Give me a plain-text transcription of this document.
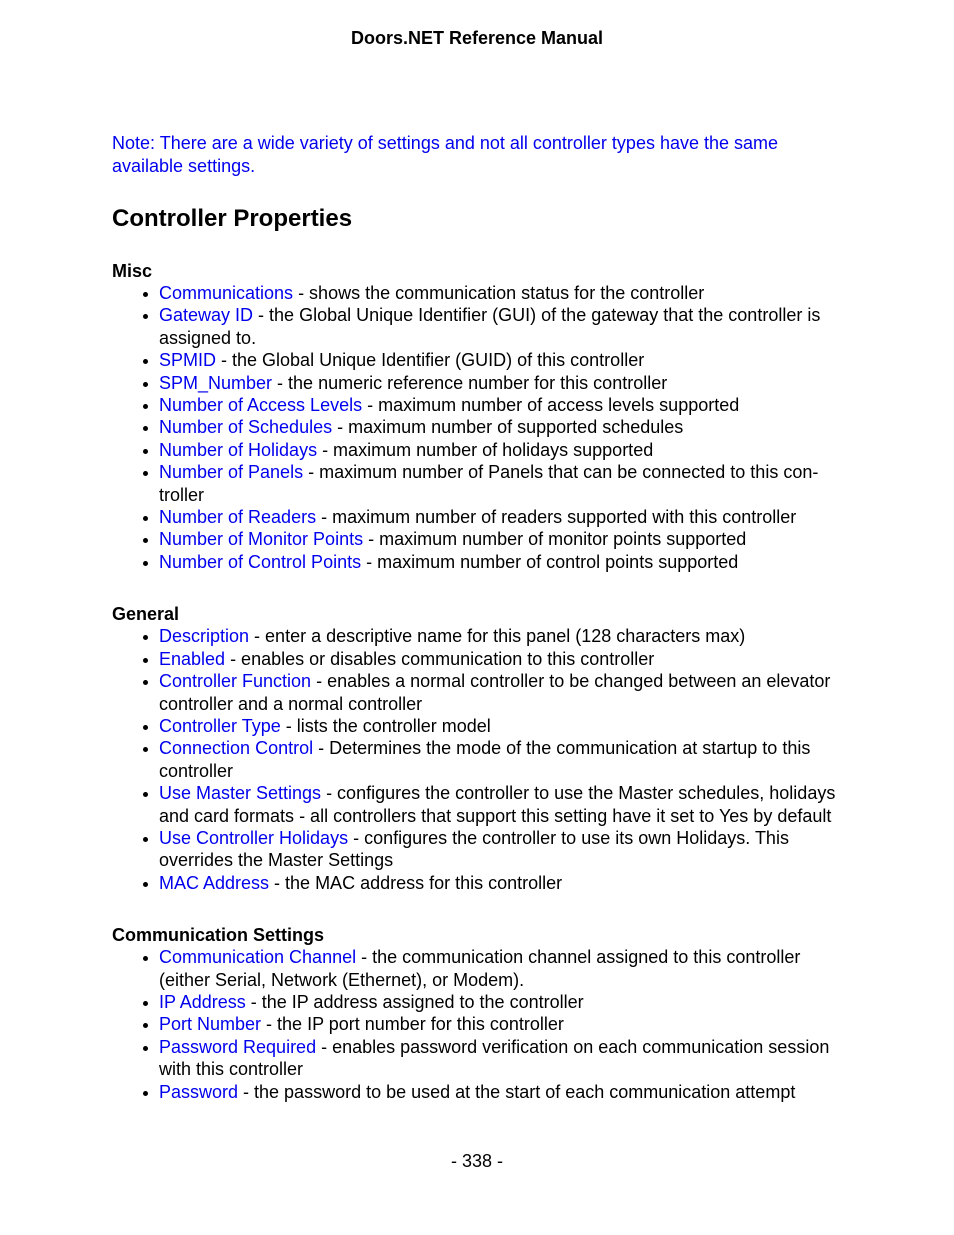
Doors.NET Reference Manual

Note: There are a wide variety of settings and not all controller types have the same available settings.

Controller Properties
Misc
Communications - shows the communication status for the controller
Gateway ID - the Global Unique Identifier (GUI) of the gateway that the controller is assigned to.
SPMID - the Global Unique Identifier (GUID) of this controller
SPM_Number - the numeric reference number for this controller
Number of Access Levels - maximum number of access levels supported
Number of Schedules - maximum number of supported schedules
Number of Holidays - maximum number of holidays supported
Number of Panels - maximum number of Panels that can be connected to this controller
Number of Readers - maximum number of readers supported with this controller
Number of Monitor Points - maximum number of monitor points supported
Number of Control Points - maximum number of control points supported
General
Description - enter a descriptive name for this panel (128 characters max)
Enabled - enables or disables communication to this controller
Controller Function - enables a normal controller to be changed between an elevator controller and a normal controller
Controller Type - lists the controller model
Connection Control - Determines the mode of the communication at startup to this controller
Use Master Settings - configures the controller to use the Master schedules, holidays and card formats - all controllers that support this setting have it set to Yes by default
Use Controller Holidays - configures the controller to use its own Holidays. This overrides the Master Settings
MAC Address - the MAC address for this controller
Communication Settings
Communication Channel - the communication channel assigned to this controller (either Serial, Network (Ethernet), or Modem).
IP Address - the IP address assigned to the controller
Port Number - the IP port number for this controller
Password Required - enables password verification on each communication session with this controller
Password - the password to be used at the start of each communication attempt
- 338 -
